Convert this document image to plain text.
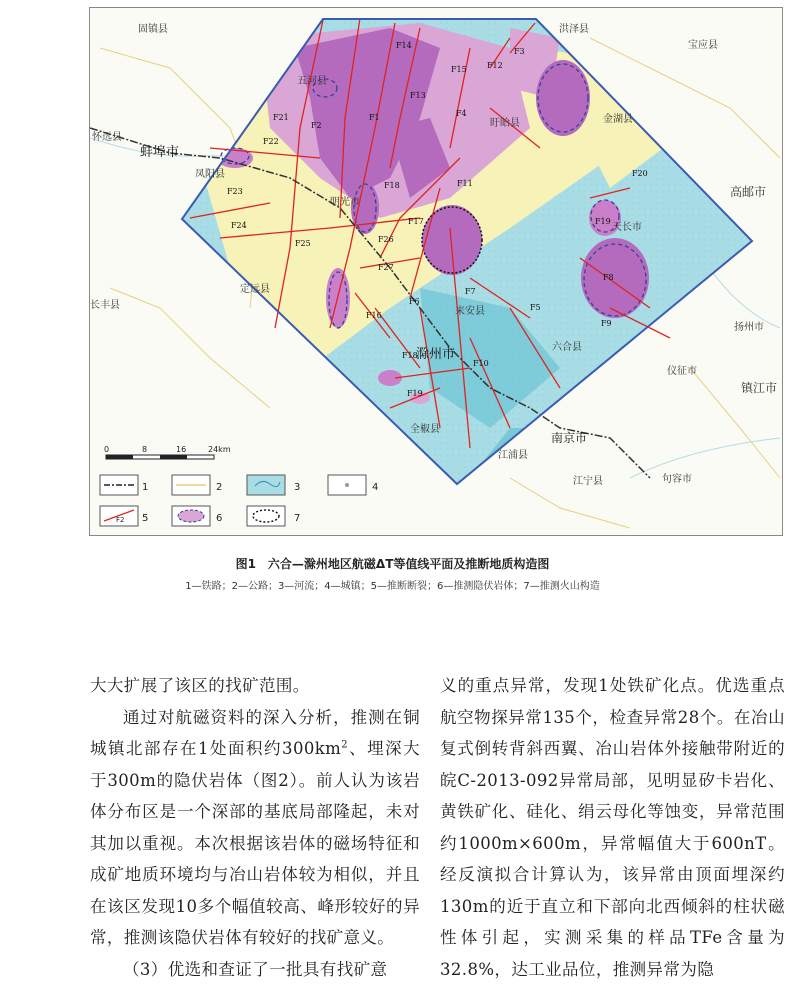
固镇县
五河县
洪泽县
宝应县
怀远县
蚌埠市
盱眙县	金湖县
凤阳县
明光市
高邮市
天长市
定远县
长丰县
来安县
滁州市	六合县
扬州市
仪征市
镇江市
全椒县
南京市
江浦县
江宁县	句容市
F14
F15	F12
F3
F13
F11
F21
F2
F1
F22
F4
F23
F18
F17
F20
F24
F25	F26
F27
F19
F16
F6
F7
F5
F8
F9
F10
F18
F19
0	8	16	24km
1	2	3	4
F2 5	6	7
图1　六合—滁州地区航磁ΔT等值线平面及推断地质构造图
1—铁路；2—公路；3—河流；4—城镇；5—推断断裂；6—推测隐伏岩体；7—推测火山构造

大大扩展了该区的找矿范围。

通过对航磁资料的深入分析，推测在铜城镇北部存在1处面积约$300km^2$、埋深大于300m的隐伏岩体（图2）。前人认为该岩体分布区是一个深部的基底局部隆起，未对其加以重视。本次根据该岩体的磁场特征和成矿地质环境均与冶山岩体较为相似，并且在该区发现10多个幅值较高、峰形较好的异常，推测该隐伏岩体有较好的找矿意义。

（3）优选和查证了一批具有找矿意

义的重点异常，发现1处铁矿化点。优选重点航空物探异常135个，检查异常28个。在冶山复式倒转背斜西翼、冶山岩体外接触带附近的皖C-2013-092异常局部，见明显矽卡岩化、黄铁矿化、硅化、绢云母化等蚀变，异常范围约1000m×600m，异常幅值大于600nT。经反演拟合计算认为，该异常由顶面埋深约130m的近于直立和下部向北西倾斜的柱状磁性体引起，实测采集的样品TFe含量为32.8%，达工业品位，推测异常为隐
